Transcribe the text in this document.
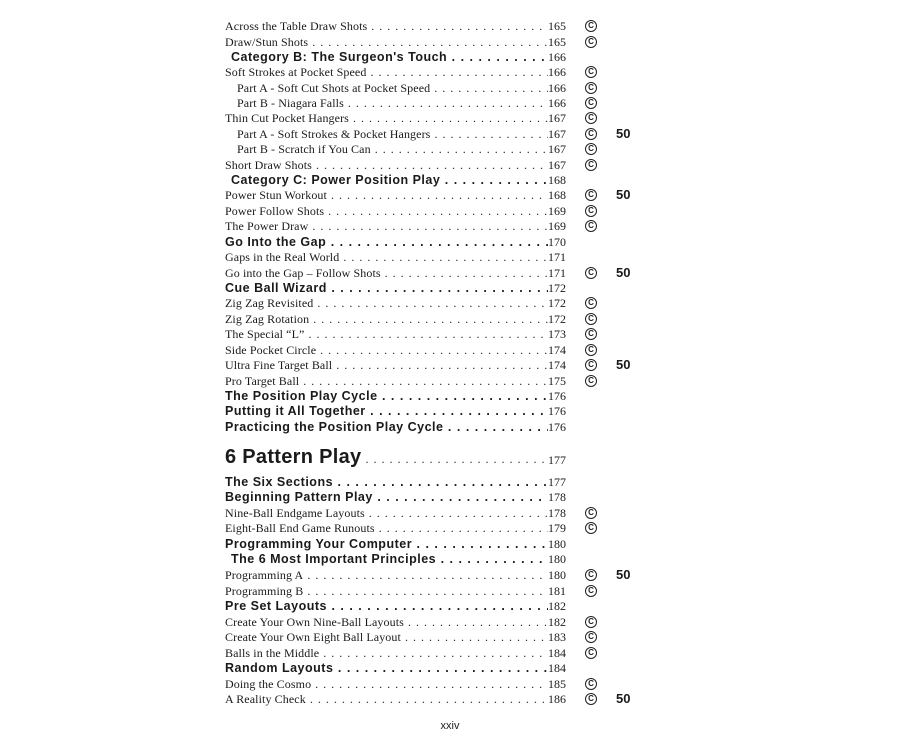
Across the Table Draw Shots . . .	165	C
Draw/Stun Shots . . .	165	C
Category B: The Surgeon's Touch . . .	166
Soft Strokes at Pocket Speed . . .	166	C
Part A - Soft Cut Shots at Pocket Speed . . .	166	C
Part B - Niagara Falls . . .	166	C
Thin Cut Pocket Hangers . . .	167	C
Part A - Soft Strokes & Pocket Hangers . . .	167	C 50
Part B - Scratch if You Can . . .	167	C
Short Draw Shots . . .	167	C
Category C: Power Position Play . . .	168
Power Stun Workout . . .	168	C 50
Power Follow Shots . . .	169	C
The Power Draw . . .	169	C
Go Into the Gap . . .	170
Gaps in the Real World . . .	171
Go into the Gap – Follow Shots . . .	171	C 50
Cue Ball Wizard . . .	172
Zig Zag Revisited . . .	172	C
Zig Zag Rotation . . .	172	C
The Special “L” . . .	173	C
Side Pocket Circle . . .	174	C
Ultra Fine Target Ball . . .	174	C 50
Pro Target Ball . . .	175	C
The Position Play Cycle . . .	176
Putting it All Together . . .	176
Practicing the Position Play Cycle . . .	176
6 Pattern Play . . .	177
The Six Sections . . .	177
Beginning Pattern Play . . .	178
Nine-Ball Endgame Layouts . . .	178	C
Eight-Ball End Game Runouts . . .	179	C
Programming Your Computer . . .	180
The 6 Most Important Principles . . .	180
Programming A . . .	180	C 50
Programming B . . .	181	C
Pre Set Layouts . . .	182
Create Your Own Nine-Ball Layouts . . .	182	C
Create Your Own Eight Ball Layout . . .	183	C
Balls in the Middle . . .	184	C
Random Layouts . . .	184
Doing the Cosmo . . .	185	C
A Reality Check . . .	186	C 50
xxiv
